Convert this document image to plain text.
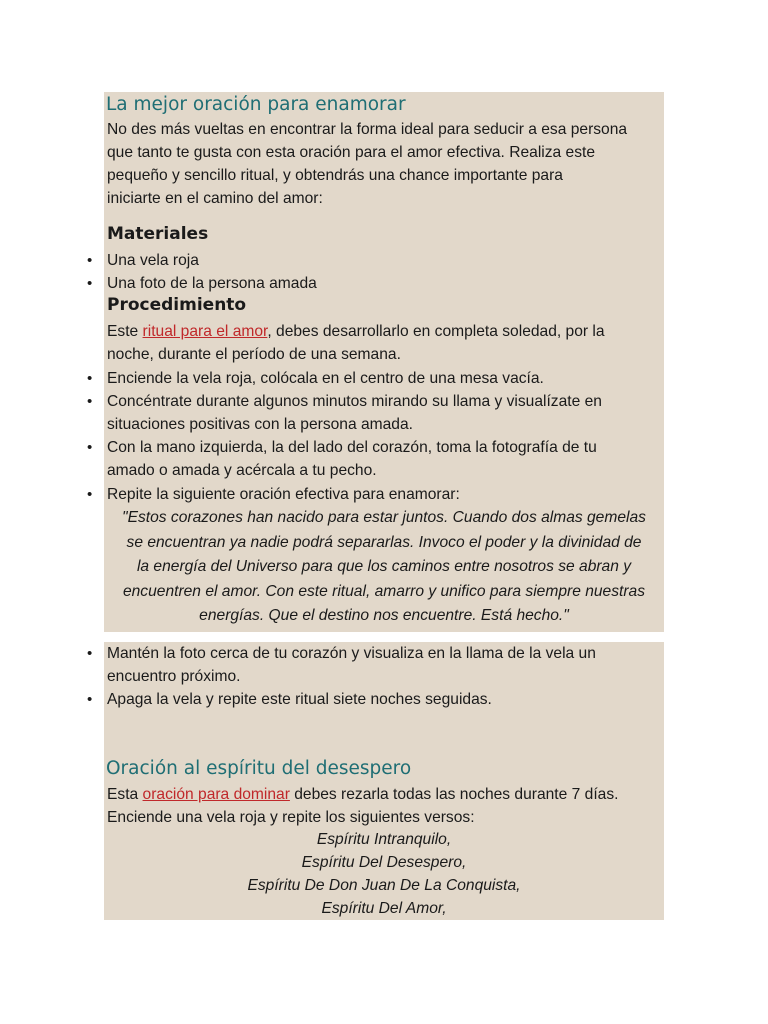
La mejor oración para enamorar
No des más vueltas en encontrar la forma ideal para seducir a esa persona
que tanto te gusta con esta oración para el amor efectiva. Realiza este
pequeño y sencillo ritual, y obtendrás una chance importante para
iniciarte en el camino del amor:
Materiales
• Una vela roja
• Una foto de la persona amada
Procedimiento
Este ritual para el amor, debes desarrollarlo en completa soledad, por la
noche, durante el período de una semana.
• Enciende la vela roja, colócala en el centro de una mesa vacía.
• Concéntrate durante algunos minutos mirando su llama y visualízate en
situaciones positivas con la persona amada.
• Con la mano izquierda, la del lado del corazón, toma la fotografía de tu
amado o amada y acércala a tu pecho.
• Repite la siguiente oración efectiva para enamorar:
"Estos corazones han nacido para estar juntos. Cuando dos almas gemelas
se encuentran ya nadie podrá separarlas. Invoco el poder y la divinidad de
la energía del Universo para que los caminos entre nosotros se abran y
encuentren el amor. Con este ritual, amarro y unifico para siempre nuestras
energías. Que el destino nos encuentre. Está hecho."
• Mantén la foto cerca de tu corazón y visualiza en la llama de la vela un
encuentro próximo.
• Apaga la vela y repite este ritual siete noches seguidas.
Oración al espíritu del desespero
Esta oración para dominar debes rezarla todas las noches durante 7 días.
Enciende una vela roja y repite los siguientes versos:
Espíritu Intranquilo,
Espíritu Del Desespero,
Espíritu De Don Juan De La Conquista,
Espíritu Del Amor,
